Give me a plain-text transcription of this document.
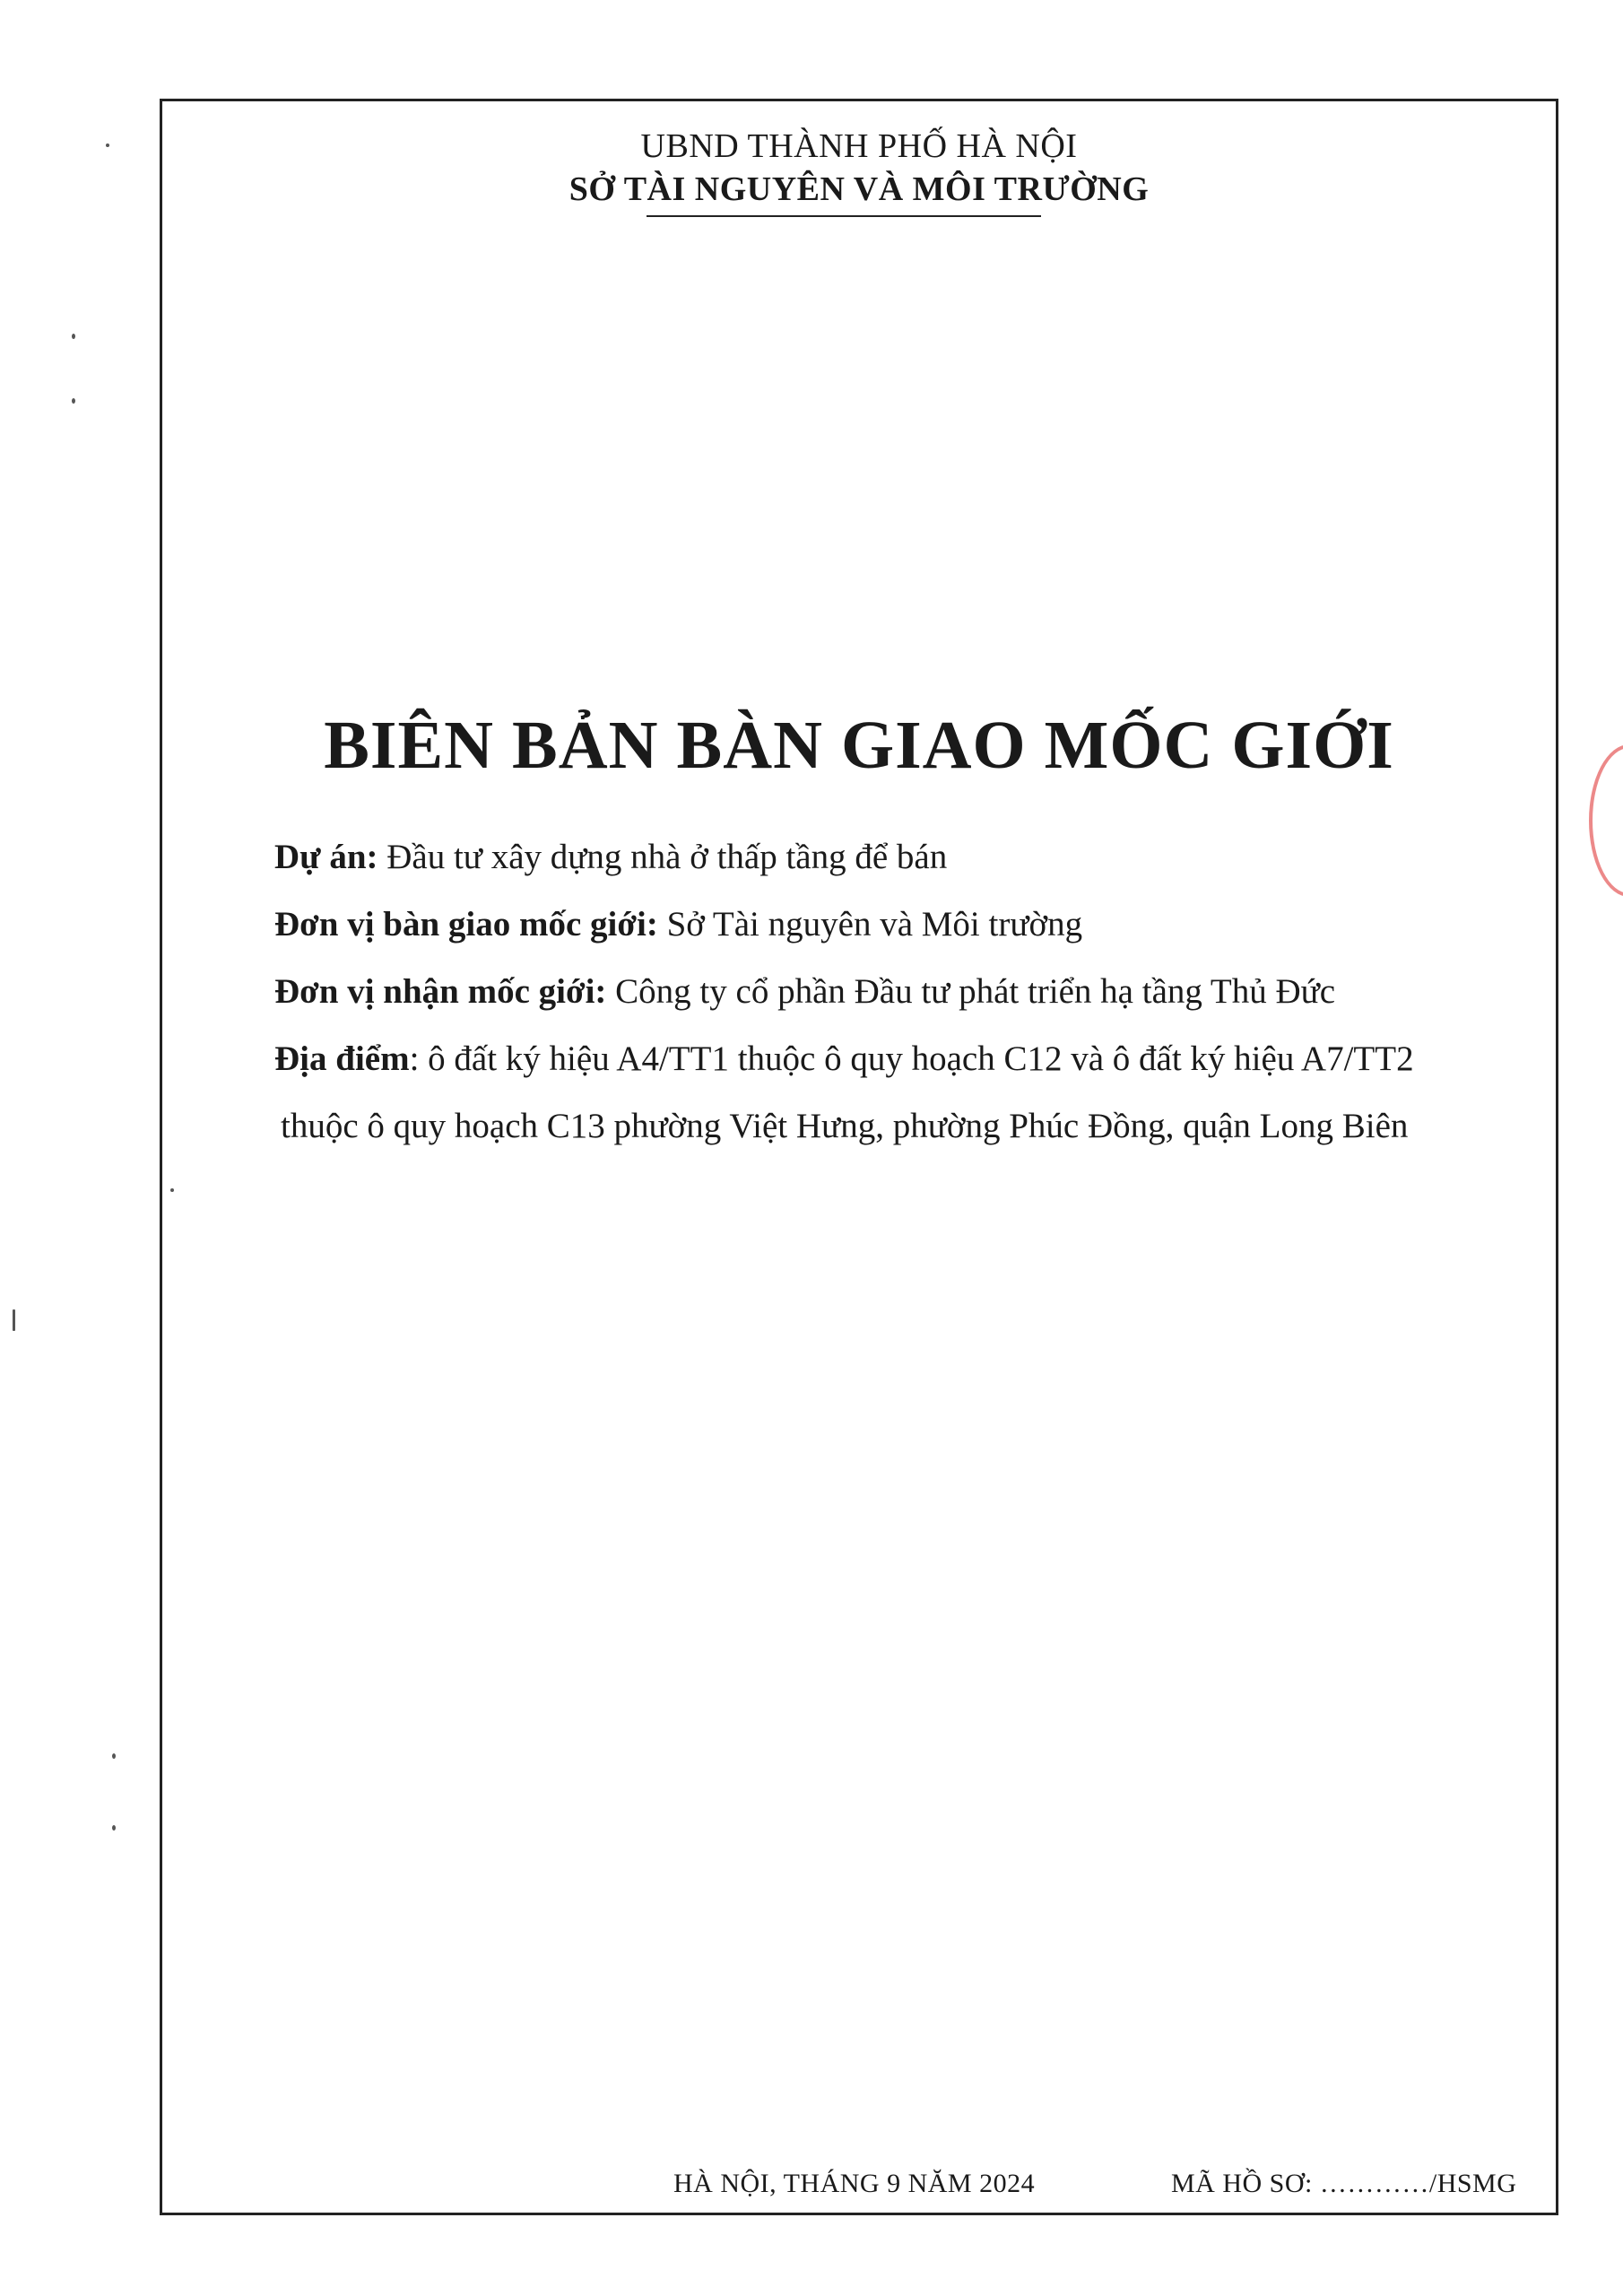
UBND THÀNH PHỐ HÀ NỘI
SỞ TÀI NGUYÊN VÀ MÔI TRƯỜNG
BIÊN BẢN BÀN GIAO MỐC GIỚI
Dự án: Đầu tư xây dựng nhà ở thấp tầng để bán
Đơn vị bàn giao mốc giới: Sở Tài nguyên và Môi trường
Đơn vị nhận mốc giới: Công ty cổ phần Đầu tư phát triển hạ tầng Thủ Đức
Địa điểm: ô đất ký hiệu A4/TT1 thuộc ô quy hoạch C12 và ô đất ký hiệu A7/TT2
thuộc ô quy hoạch C13 phường Việt Hưng, phường Phúc Đồng, quận Long Biên
HÀ NỘI, THÁNG 9 NĂM 2024	MÃ HỒ SƠ: …………/HSMG
